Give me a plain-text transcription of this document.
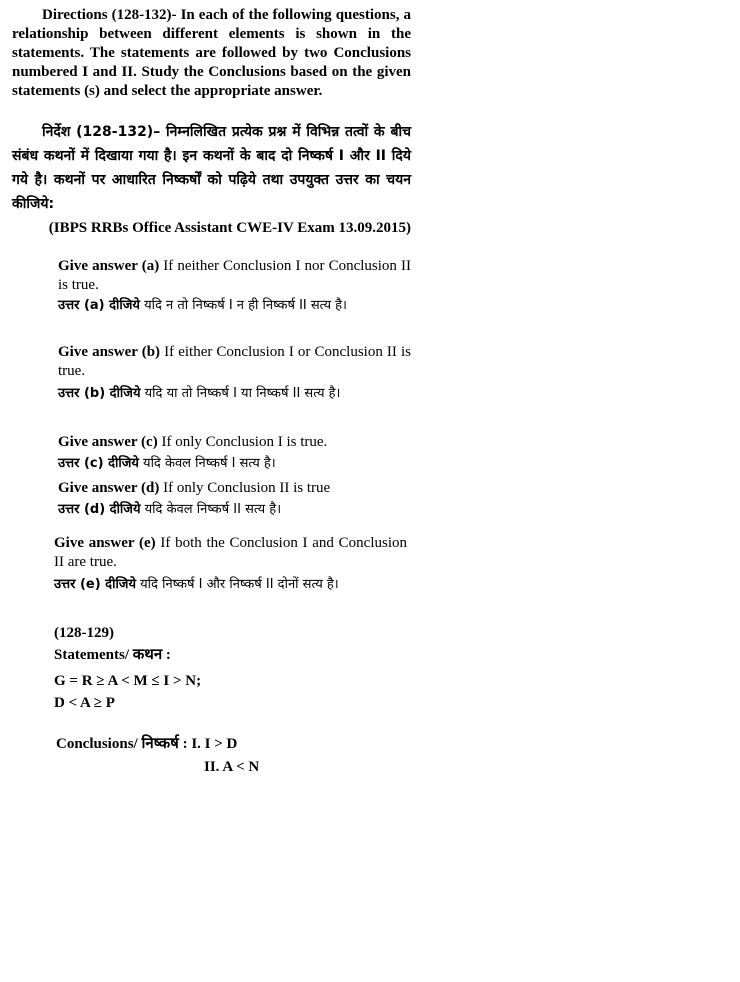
Directions (128-132)- In each of the following questions, a relationship between different elements is shown in the statements. The statements are followed by two Conclusions numbered I and II. Study the Conclusions based on the given statements (s) and select the appropriate answer.

निर्देश (128-132)– निम्नलिखित प्रत्येक प्रश्न में विभिन्न तत्वों के बीच संबंध कथनों में दिखाया गया है। इन कथनों के बाद दो निष्कर्ष I और II दिये गये है। कथनों पर आधारित निष्कर्षों को पढ़िये तथा उपयुक्त उत्तर का चयन कीजिये:

(IBPS RRBs Office Assistant CWE-IV Exam 13.09.2015)
Give answer (a) If neither Conclusion I nor Conclusion II is true.
उत्तर (a) दीजिये यदि न तो निष्कर्ष I न ही निष्कर्ष II सत्य है।
Give answer (b) If either Conclusion I or Conclusion II is true.
उत्तर (b) दीजिये यदि या तो निष्कर्ष I या निष्कर्ष II सत्य है।
Give answer (c) If only Conclusion I is true.
उत्तर (c) दीजिये यदि केवल निष्कर्ष I सत्य है।
Give answer (d) If only Conclusion II is true
उत्तर (d) दीजिये यदि केवल निष्कर्ष II सत्य है।
Give answer (e) If both the Conclusion I and Conclusion II are true.
उत्तर (e) दीजिये यदि निष्कर्ष I और निष्कर्ष II दोनों सत्य है।
(128-129)
Statements/ कथन :
G = R ≥ A < M ≤ I > N;
D < A ≥ P
Conclusions/ निष्कर्ष : I. I > D
II. A < N
